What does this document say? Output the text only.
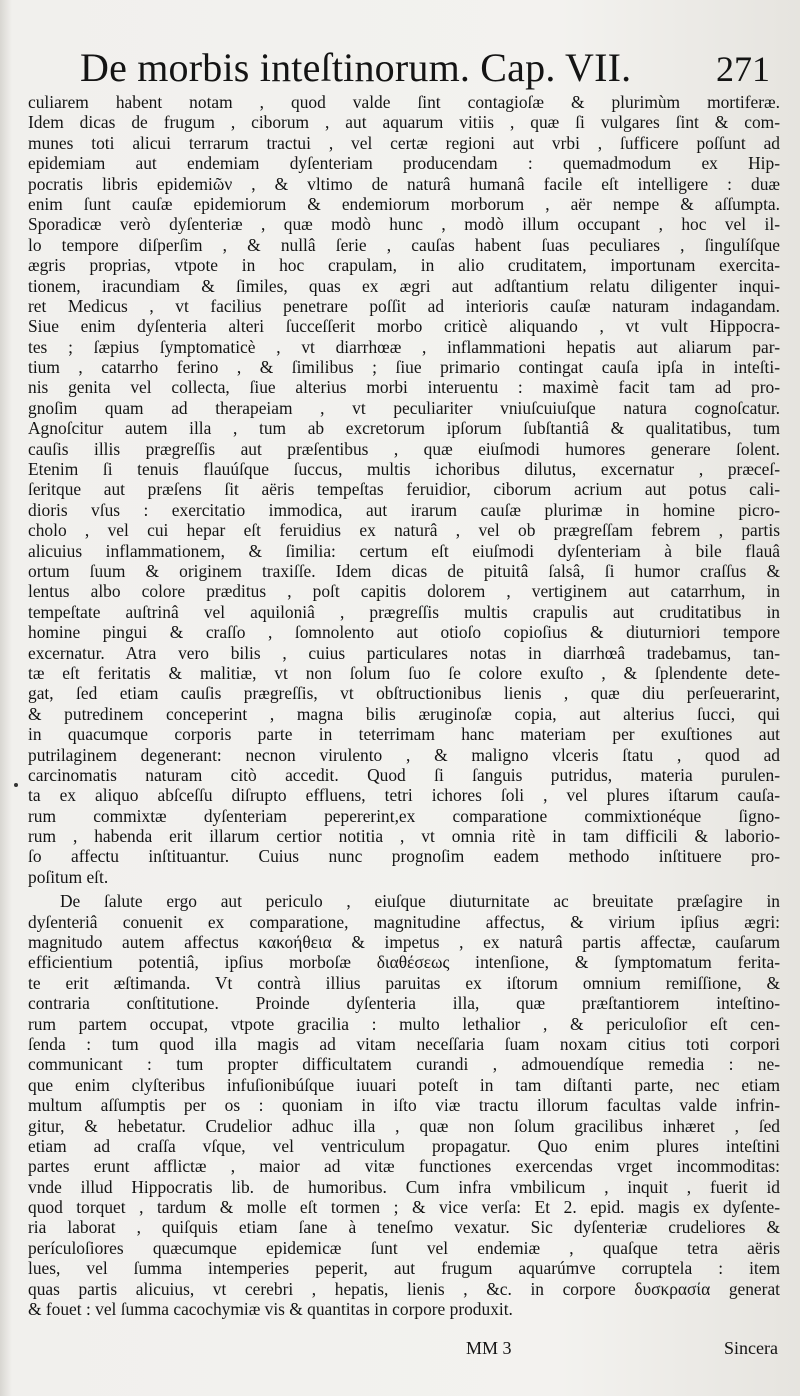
De morbis inteſtinorum. Cap. VII. 271
culiarem habent notam , quod valde ſint contagioſæ & plurimùm mortiferæ.
Idem dicas de frugum , ciborum , aut aquarum vitiis , quæ ſi vulgares ſint & com-
munes toti alicui terrarum tractui , vel certæ regioni aut vrbi , ſufficere poſſunt ad
epidemiam aut endemiam dyſenteriam producendam : quemadmodum ex Hip-
pocratis libris epidemiῶν , & vltimo de naturâ humanâ facile eſt intelligere : duæ
enim ſunt cauſæ epidemiorum & endemiorum morborum , aër nempe & aſſumpta.
Sporadicæ verò dyſenteriæ , quæ modò hunc , modò illum occupant , hoc vel il-
lo tempore diſperſim , & nullâ ſerie , cauſas habent ſuas peculiares , ſingulíſque
ægris proprias, vtpote in hoc crapulam, in alio cruditatem, importunam exercita-
tionem, iracundiam & ſimiles, quas ex ægri aut adſtantium relatu diligenter inqui-
ret Medicus , vt facilius penetrare poſſit ad interioris cauſæ naturam indagandam.
Siue enim dyſenteria alteri ſucceſſerit morbo criticè aliquando , vt vult Hippocra-
tes ; ſæpius ſymptomaticè , vt diarrhœæ , inflammationi hepatis aut aliarum par-
tium , catarrho ferino , & ſimilibus ; ſiue primario contingat cauſa ipſa in inteſti-
nis genita vel collecta, ſiue alterius morbi interuentu : maximè facit tam ad pro-
gnoſim quam ad therapeiam , vt peculiariter vniuſcuiuſque natura cognoſcatur.
Agnoſcitur autem illa , tum ab excretorum ipſorum ſubſtantiâ & qualitatibus, tum
cauſis illis prægreſſis aut præſentibus , quæ eiuſmodi humores generare ſolent.
Etenim ſi tenuis flauúſque ſuccus, multis ichoribus dilutus, excernatur , præceſ-
ſeritque aut præſens ſit aëris tempeſtas feruidior, ciborum acrium aut potus cali-
dioris vſus : exercitatio immodica, aut irarum cauſæ plurimæ in homine picro-
cholo , vel cui hepar eſt feruidius ex naturâ , vel ob prægreſſam febrem , partis
alicuius inflammationem, & ſimilia: certum eſt eiuſmodi dyſenteriam à bile flauâ
ortum ſuum & originem traxiſſe. Idem dicas de pituitâ ſalsâ, ſi humor craſſus &
lentus albo colore præditus , poſt capitis dolorem , vertiginem aut catarrhum, in
tempeſtate auſtrinâ vel aquiloniâ , prægreſſis multis crapulis aut cruditatibus in
homine pingui & craſſo , ſomnolento aut otioſo copioſius & diuturniori tempore
excernatur. Atra vero bilis , cuius particulares notas in diarrhœâ tradebamus, tan-
tæ eſt feritatis & malitiæ, vt non ſolum ſuo ſe colore exuſto , & ſplendente dete-
gat, ſed etiam cauſis prægreſſis, vt obſtructionibus lienis , quæ diu perſeuerarint,
& putredinem conceperint , magna bilis æruginoſæ copia, aut alterius ſucci, qui
in quacumque corporis parte in teterrimam hanc materiam per exuſtiones aut
putrilaginem degenerant: necnon virulento , & maligno vlceris ſtatu , quod ad
carcinomatis naturam citò accedit. Quod ſi ſanguis putridus, materia purulen-
ta ex aliquo abſceſſu diſrupto effluens, tetri ichores ſoli , vel plures iſtarum cauſa-
rum commixtæ dyſenteriam pepererint,ex comparatione commixtionéque ſigno-
rum , habenda erit illarum certior notitia , vt omnia ritè in tam difficili & laborio-
ſo affectu inſtituantur. Cuius nunc prognoſim eadem methodo inſtituere pro-
poſitum eſt.
De ſalute ergo aut periculo , eiuſque diuturnitate ac breuitate præſagire in
dyſenteriâ conuenit ex comparatione, magnitudine affectus, & virium ipſius ægri:
magnitudo autem affectus κακοήθεια & impetus , ex naturâ partis affectæ, cauſarum
efficientium potentiâ, ipſius morboſæ διαθέσεως intenſione, & ſymptomatum ferita-
te erit æſtimanda. Vt contrà illius paruitas ex iſtorum omnium remiſſione, &
contraria conſtitutione. Proinde dyſenteria illa, quæ præſtantiorem inteſtino-
rum partem occupat, vtpote gracilia : multo lethalior , & periculoſior eſt cen-
ſenda : tum quod illa magis ad vitam neceſſaria ſuam noxam citius toti corpori
communicant : tum propter difficultatem curandi , admouendíque remedia : ne-
que enim clyſteribus infuſionibúſque iuuari poteſt in tam diſtanti parte, nec etiam
multum aſſumptis per os : quoniam in iſto viæ tractu illorum facultas valde infrin-
gitur, & hebetatur. Crudelior adhuc illa , quæ non ſolum gracilibus inhæret , ſed
etiam ad craſſa vſque, vel ventriculum propagatur. Quo enim plures inteſtini
partes erunt afflictæ , maior ad vitæ functiones exercendas vrget incommoditas:
vnde illud Hippocratis lib. de humoribus. Cum infra vmbilicum , inquit , fuerit id
quod torquet , tardum & molle eſt tormen ; & vice verſa: Et 2. epid. magis ex dyſente-
ria laborat , quiſquis etiam ſane à teneſmo vexatur. Sic dyſenteriæ crudeliores &
perículoſiores quæcumque epidemicæ ſunt vel endemiæ , quaſque tetra aëris
lues, vel ſumma intemperies peperit, aut frugum aquarúmve corruptela : item
quas partis alicuius, vt cerebri , hepatis, lienis , &c. in corpore δυσκρασία generat
& fouet : vel ſumma cacochymiæ vis & quantitas in corpore produxit.
MM 3	Sincera
